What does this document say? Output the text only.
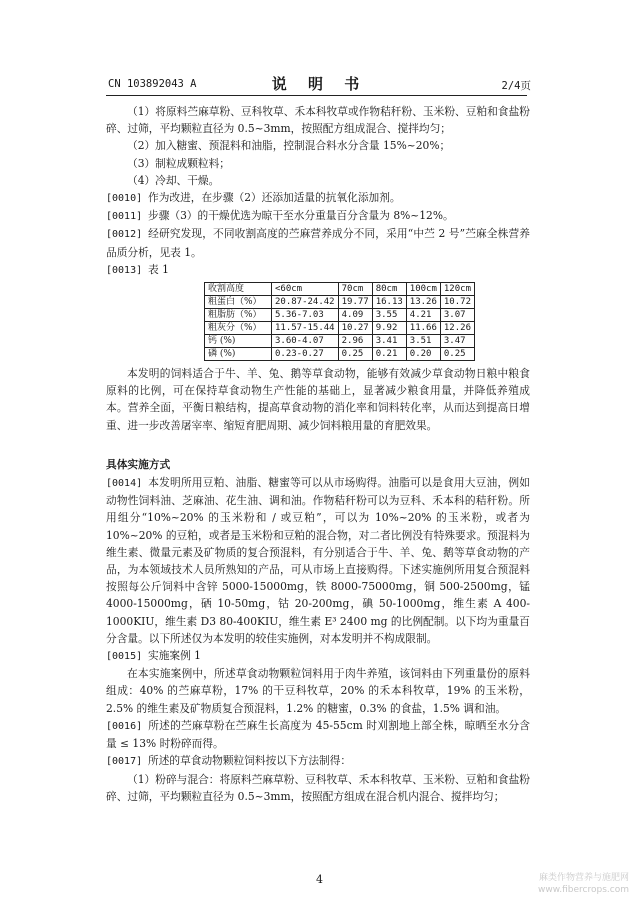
CN 103892043 A	说 明 书	2/4页

（1）将原料苎麻草粉、豆科牧草、禾本科牧草或作物秸秆粉、玉米粉、豆粕和食盐粉碎、过筛，平均颗粒直径为 0.5~3mm，按照配方组成混合、搅拌均匀；

（2）加入糖蜜、预混料和油脂，控制混合料水分含量 15%~20%；

（3）制粒成颗粒料；

（4）冷却、干燥。

[0010] 作为改进，在步骤（2）还添加适量的抗氧化添加剂。

[0011] 步骤（3）的干燥优选为晾干至水分重量百分含量为 8%~12%。

[0012] 经研究发现，不同收割高度的苎麻营养成分不同，采用“中苎 2 号”苎麻全株营养品质分析，见表 1。

[0013] 表 1

收割高度	<60cm	70cm	80cm	100cm	120cm
粗蛋白（%）	20.87-24.42	19.77	16.13	13.26	10.72
粗脂肪（%）	5.36-7.03	4.09	3.55	4.21	3.07
粗灰分（%）	11.57-15.44	10.27	9.92	11.66	12.26
钙 (%)	3.60-4.07	2.96	3.41	3.51	3.47
磷 (%)	0.23-0.27	0.25	0.21	0.20	0.25

本发明的饲料适合于牛、羊、兔、鹅等草食动物，能够有效减少草食动物日粮中粮食原料的比例，可在保持草食动物生产性能的基础上，显著减少粮食用量，并降低养殖成本。营养全面，平衡日粮结构，提高草食动物的消化率和饲料转化率，从而达到提高日增重、进一步改善屠宰率、缩短育肥周期、减少饲料粮用量的育肥效果。

具体实施方式

[0014] 本发明所用豆粕、油脂、糖蜜等可以从市场购得。油脂可以是食用大豆油，例如动物性饲料油、芝麻油、花生油、调和油。作物秸秆粉可以为豆科、禾本科的秸秆粉。所用组分“10%~20% 的玉米粉和 / 或豆粕”，可以为 10%~20% 的玉米粉，或者为 10%~20% 的豆粕，或者是玉米粉和豆粕的混合物，对二者比例没有特殊要求。预混料为维生素、微量元素及矿物质的复合预混料，有分别适合于牛、羊、兔、鹅等草食动物的产品，为本领域技术人员所熟知的产品，可从市场上直接购得。下述实施例所用复合预混料按照每公斤饲料中含锌 5000-15000mg，铁 8000-75000mg，铜 500-2500mg，锰 4000-15000mg，硒 10-50mg，钴 20-200mg，碘 50-1000mg，维生素 A 400-1000KIU，维生素 D3 80-400KIU，维生素 E³ 2400 mg 的比例配制。以下均为重量百分含量。以下所述仅为本发明的较佳实施例，对本发明并不构成限制。

[0015] 实施案例 1

在本实施案例中，所述草食动物颗粒饲料用于肉牛养殖，该饲料由下列重量份的原料组成：40% 的苎麻草粉，17% 的干豆科牧草，20% 的禾本科牧草，19% 的玉米粉，2.5% 的维生素及矿物质复合预混料，1.2% 的糖蜜，0.3% 的食盐，1.5% 调和油。

[0016] 所述的苎麻草粉在苎麻生长高度为 45-55cm 时刈割地上部全株，晾晒至水分含量 ≤ 13% 时粉碎而得。

[0017] 所述的草食动物颗粒饲料按以下方法制得：

（1）粉碎与混合：将原料苎麻草粉、豆科牧草、禾本科牧草、玉米粉、豆粕和食盐粉碎、过筛，平均颗粒直径为 0.5~3mm，按照配方组成在混合机内混合、搅拌均匀；

4	麻类作物营养与施肥网
www.fibercrops.com
